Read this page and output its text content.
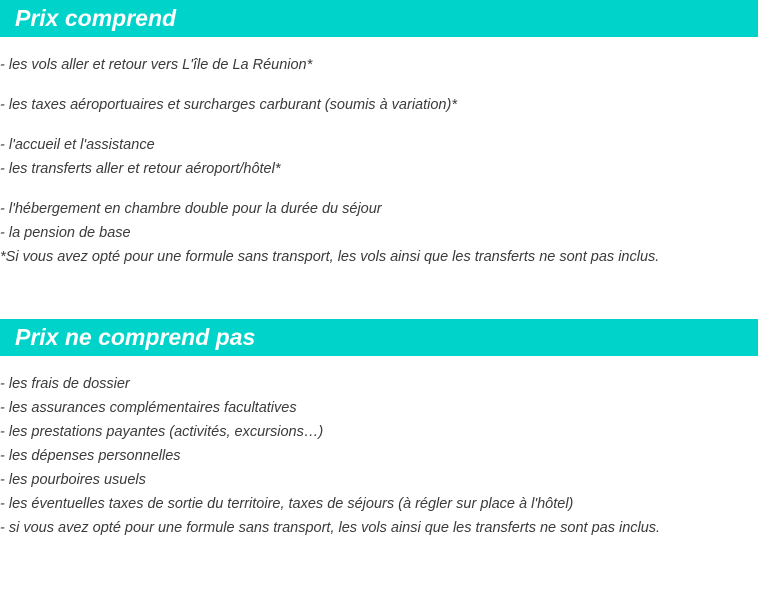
Prix comprend
- les vols aller et retour vers L'île de La Réunion*
- les taxes aéroportuaires et surcharges carburant (soumis à variation)*
- l'accueil et l'assistance
- les transferts aller et retour aéroport/hôtel*
- l'hébergement en chambre double pour la durée du séjour
- la pension de base
*Si vous avez opté pour une formule sans transport, les vols ainsi que les transferts ne sont pas inclus.
Prix ne comprend pas
- les frais de dossier
- les assurances complémentaires facultatives
- les prestations payantes (activités, excursions…)
- les dépenses personnelles
- les pourboires usuels
- les éventuelles taxes de sortie du territoire, taxes de séjours (à régler sur place à l'hôtel)
- si vous avez opté pour une formule sans transport, les vols ainsi que les transferts ne sont pas inclus.
